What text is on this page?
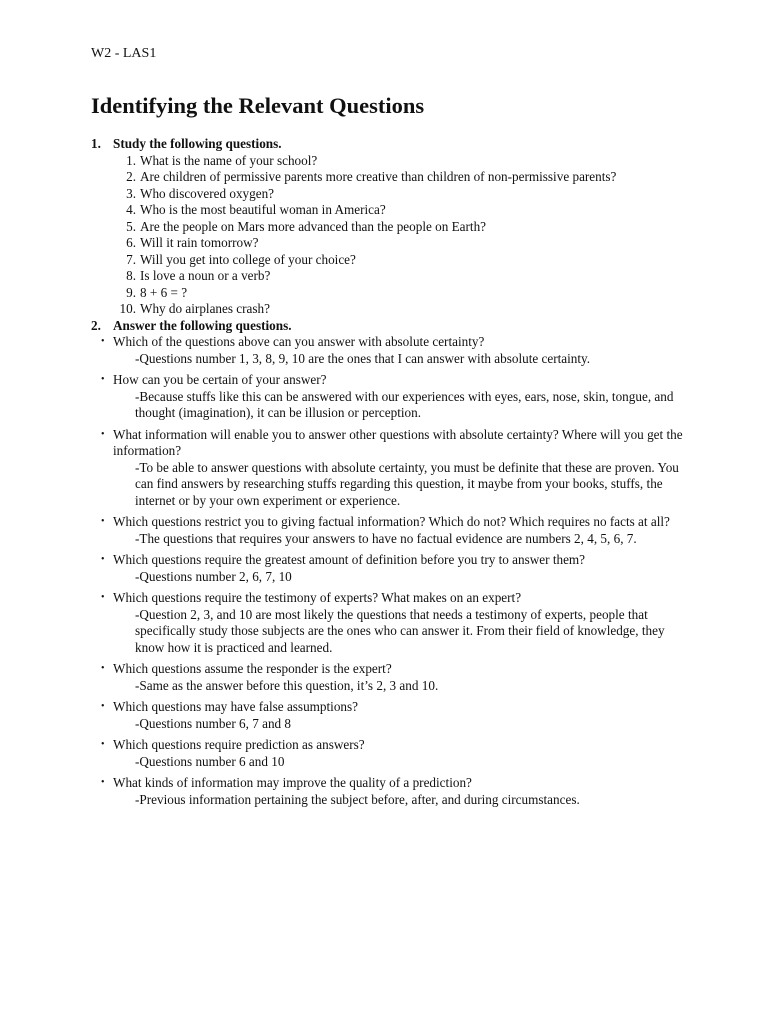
W2 - LAS1
Identifying the Relevant Questions
1. Study the following questions.
1. What is the name of your school?
2. Are children of permissive parents more creative than children of non-permissive parents?
3. Who discovered oxygen?
4. Who is the most beautiful woman in America?
5. Are the people on Mars more advanced than the people on Earth?
6. Will it rain tomorrow?
7. Will you get into college of your choice?
8. Is love a noun or a verb?
9. 8 + 6 = ?
10. Why do airplanes crash?
2. Answer the following questions.
• Which of the questions above can you answer with absolute certainty?
-Questions number 1, 3, 8, 9, 10 are the ones that I can answer with absolute certainty.
• How can you be certain of your answer?
-Because stuffs like this can be answered with our experiences with eyes, ears, nose, skin, tongue, and thought (imagination), it can be illusion or perception.
• What information will enable you to answer other questions with absolute certainty? Where will you get the information?
-To be able to answer questions with absolute certainty, you must be definite that these are proven. You can find answers by researching stuffs regarding this question, it maybe from your books, stuffs, the internet or by your own experiment or experience.
• Which questions restrict you to giving factual information? Which do not? Which requires no facts at all?
-The questions that requires your answers to have no factual evidence are numbers 2, 4, 5, 6, 7.
• Which questions require the greatest amount of definition before you try to answer them?
-Questions number 2, 6, 7, 10
• Which questions require the testimony of experts? What makes on an expert?
-Question 2, 3, and 10 are most likely the questions that needs a testimony of experts, people that specifically study those subjects are the ones who can answer it. From their field of knowledge, they know how it is practiced and learned.
• Which questions assume the responder is the expert?
-Same as the answer before this question, it’s 2, 3 and 10.
• Which questions may have false assumptions?
-Questions number 6, 7 and 8
• Which questions require prediction as answers?
-Questions number 6 and 10
• What kinds of information may improve the quality of a prediction?
-Previous information pertaining the subject before, after, and during circumstances.
